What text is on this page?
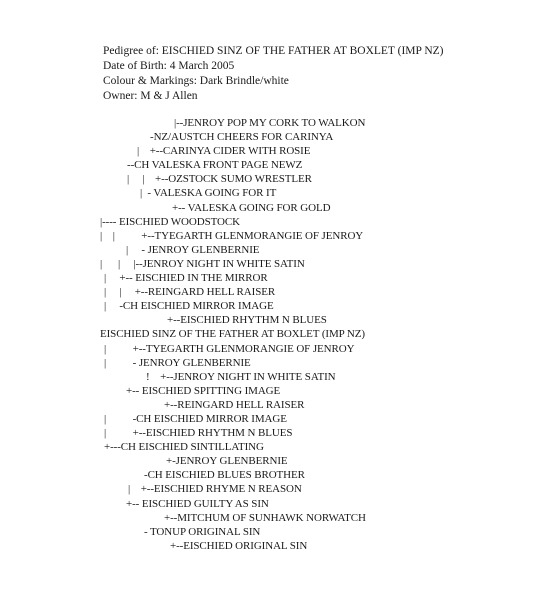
Pedigree of: EISCHIED SINZ OF THE FATHER AT BOXLET (IMP NZ)
Date of Birth: 4 March 2005
Colour & Markings: Dark Brindle/white
Owner: M & J Allen
|--JENROY POP MY CORK TO WALKON
-NZ/AUSTCH CHEERS FOR CARINYA
|    +--CARINYA CIDER WITH ROSIE
--CH VALESKA FRONT PAGE NEWZ
|     |    +--OZSTOCK SUMO WRESTLER
|  - VALESKA GOING FOR IT
+-- VALESKA GOING FOR GOLD
|---- EISCHIED WOODSTOCK
|    |          +--TYEGARTH GLENMORANGIE OF JENROY
|     - JENROY GLENBERNIE
|      |     |--JENROY NIGHT IN WHITE SATIN
|     +-- EISCHIED IN THE MIRROR
|     |     +--REINGARD HELL RAISER
|     -CH EISCHIED MIRROR IMAGE
+--EISCHIED RHYTHM N BLUES
EISCHIED SINZ OF THE FATHER AT BOXLET (IMP NZ)
|          +--TYEGARTH GLENMORANGIE OF JENROY
|          - JENROY GLENBERNIE
!    +--JENROY NIGHT IN WHITE SATIN
+-- EISCHIED SPITTING IMAGE
+--REINGARD HELL RAISER
|          -CH EISCHIED MIRROR IMAGE
|          +--EISCHIED RHYTHM N BLUES
+---CH EISCHIED SINTILLATING
+-JENROY GLENBERNIE
-CH EISCHIED BLUES BROTHER
|    +--EISCHIED RHYME N REASON
+-- EISCHIED GUILTY AS SIN
+--MITCHUM OF SUNHAWK NORWATCH
- TONUP ORIGINAL SIN
+--EISCHIED ORIGINAL SIN
